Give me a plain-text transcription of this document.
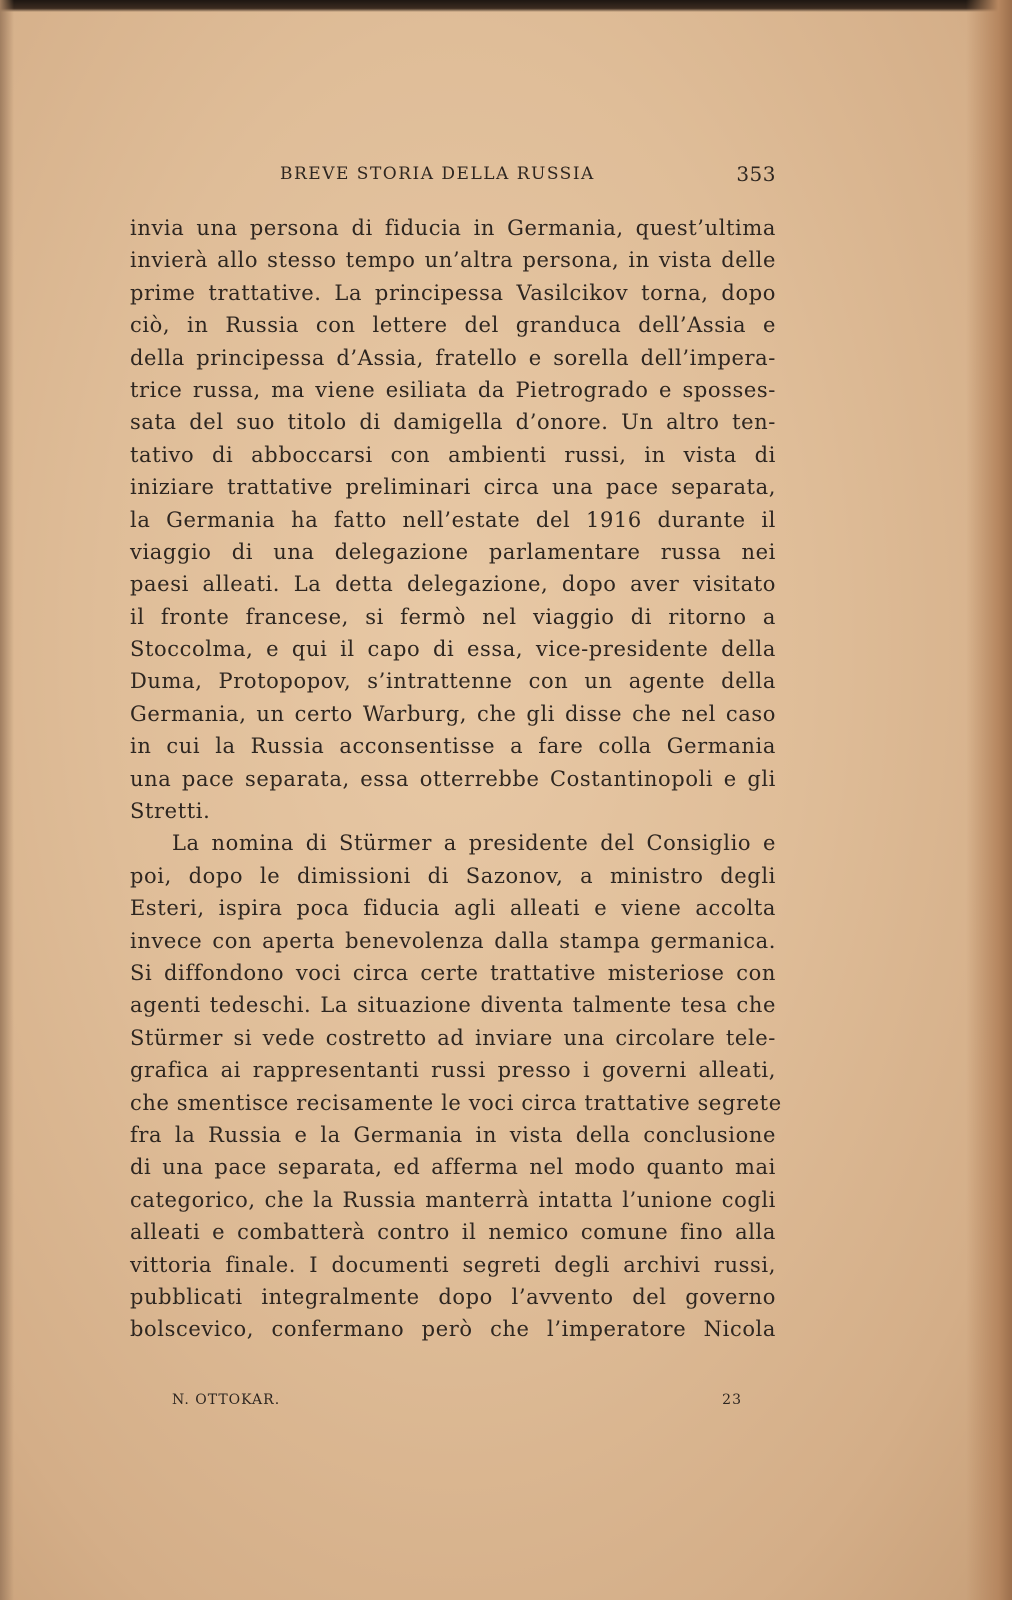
BREVE STORIA DELLA RUSSIA	353
invia una persona di fiducia in Germania, quest’ultima
invierà allo stesso tempo un’altra persona, in vista delle
prime trattative. La principessa Vasilcikov torna, dopo
ciò, in Russia con lettere del granduca dell’Assia e
della principessa d’Assia, fratello e sorella dell’impera-
trice russa, ma viene esiliata da Pietrogrado e sposses-
sata del suo titolo di damigella d’onore. Un altro ten-
tativo di abboccarsi con ambienti russi, in vista di
iniziare trattative preliminari circa una pace separata,
la Germania ha fatto nell’estate del 1916 durante il
viaggio di una delegazione parlamentare russa nei
paesi alleati. La detta delegazione, dopo aver visitato
il fronte francese, si fermò nel viaggio di ritorno a
Stoccolma, e qui il capo di essa, vice-presidente della
Duma, Protopopov, s’intrattenne con un agente della
Germania, un certo Warburg, che gli disse che nel caso
in cui la Russia acconsentisse a fare colla Germania
una pace separata, essa otterrebbe Costantinopoli e gli
Stretti.
La nomina di Stürmer a presidente del Consiglio e
poi, dopo le dimissioni di Sazonov, a ministro degli
Esteri, ispira poca fiducia agli alleati e viene accolta
invece con aperta benevolenza dalla stampa germanica.
Si diffondono voci circa certe trattative misteriose con
agenti tedeschi. La situazione diventa talmente tesa che
Stürmer si vede costretto ad inviare una circolare tele-
grafica ai rappresentanti russi presso i governi alleati,
che smentisce recisamente le voci circa trattative segrete
fra la Russia e la Germania in vista della conclusione
di una pace separata, ed afferma nel modo quanto mai
categorico, che la Russia manterrà intatta l’unione cogli
alleati e combatterà contro il nemico comune fino alla
vittoria finale. I documenti segreti degli archivi russi,
pubblicati integralmente dopo l’avvento del governo
bolscevico, confermano però che l’imperatore Nicola
N. OTTOKAR.	23
